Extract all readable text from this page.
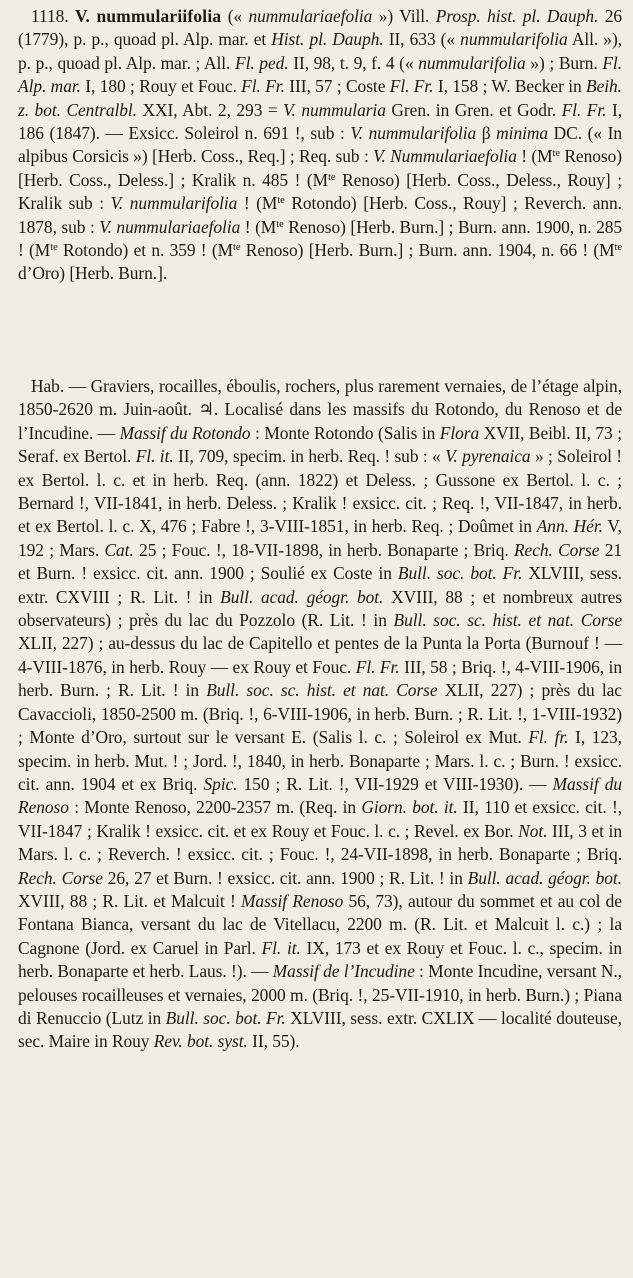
1118. V. nummulariifolia (« nummulariaefolia ») Vill. Prosp. hist. pl. Dauph. 26 (1779), p. p., quoad pl. Alp. mar. et Hist. pl. Dauph. II, 633 (« nummularifolia All. »), p. p., quoad pl. Alp. mar. ; All. Fl. ped. II, 98, t. 9, f. 4 (« nummularifolia ») ; Burn. Fl. Alp. mar. I, 180 ; Rouy et Fouc. Fl. Fr. III, 57 ; Coste Fl. Fr. I, 158 ; W. Becker in Beih. z. bot. Centralbl. XXI, Abt. 2, 293 = V. nummularia Gren. in Gren. et Godr. Fl. Fr. I, 186 (1847). — Exsicc. Soleirol n. 691 !, sub : V. nummularifolia β minima DC. (« In alpibus Corsicis ») [Herb. Coss., Req.] ; Req. sub : V. Nummulariaefolia ! ($M^{te}$ Renoso) [Herb. Coss., Deless.] ; Kralik n. 485 ! ($M^{te}$ Renoso) [Herb. Coss., Deless., Rouy] ; Kralik sub : V. nummularifolia ! ($M^{te}$ Rotondo) [Herb. Coss., Rouy] ; Reverch. ann. 1878, sub : V. nummulariaefolia ! ($M^{te}$ Renoso) [Herb. Burn.] ; Burn. ann. 1900, n. 285 ! ($M^{te}$ Rotondo) et n. 359 ! ($M^{te}$ Renoso) [Herb. Burn.] ; Burn. ann. 1904, n. 66 ! ($M^{te}$ d’Oro) [Herb. Burn.].

Hab. — Graviers, rocailles, éboulis, rochers, plus rarement vernaies, de l’étage alpin, 1850-2620 m. Juin-août. ♃. Localisé dans les massifs du Rotondo, du Renoso et de l’Incudine. — Massif du Rotondo : Monte Rotondo (Salis in Flora XVII, Beibl. II, 73 ; Seraf. ex Bertol. Fl. it. II, 709, specim. in herb. Req. ! sub : « V. pyrenaica » ; Soleirol ! ex Bertol. l. c. et in herb. Req. (ann. 1822) et Deless. ; Gussone ex Bertol. l. c. ; Bernard !, VII-1841, in herb. Deless. ; Kralik ! exsicc. cit. ; Req. !, VII-1847, in herb. et ex Bertol. l. c. X, 476 ; Fabre !, 3-VIII-1851, in herb. Req. ; Doûmet in Ann. Hér. V, 192 ; Mars. Cat. 25 ; Fouc. !, 18-VII-1898, in herb. Bonaparte ; Briq. Rech. Corse 21 et Burn. ! exsicc. cit. ann. 1900 ; Soulié ex Coste in Bull. soc. bot. Fr. XLVIII, sess. extr. CXVIII ; R. Lit. ! in Bull. acad. géogr. bot. XVIII, 88 ; et nombreux autres observateurs) ; près du lac du Pozzolo (R. Lit. ! in Bull. soc. sc. hist. et nat. Corse XLII, 227) ; au-dessus du lac de Capitello et pentes de la Punta la Porta (Burnouf ! — 4-VIII-1876, in herb. Rouy — ex Rouy et Fouc. Fl. Fr. III, 58 ; Briq. !, 4-VIII-1906, in herb. Burn. ; R. Lit. ! in Bull. soc. sc. hist. et nat. Corse XLII, 227) ; près du lac Cavaccioli, 1850-2500 m. (Briq. !, 6-VIII-1906, in herb. Burn. ; R. Lit. !, 1-VIII-1932) ; Monte d’Oro, surtout sur le versant E. (Salis l. c. ; Soleirol ex Mut. Fl. fr. I, 123, specim. in herb. Mut. ! ; Jord. !, 1840, in herb. Bonaparte ; Mars. l. c. ; Burn. ! exsicc. cit. ann. 1904 et ex Briq. Spic. 150 ; R. Lit. !, VII-1929 et VIII-1930). — Massif du Renoso : Monte Renoso, 2200-2357 m. (Req. in Giorn. bot. it. II, 110 et exsicc. cit. !, VII-1847 ; Kralik ! exsicc. cit. et ex Rouy et Fouc. l. c. ; Revel. ex Bor. Not. III, 3 et in Mars. l. c. ; Reverch. ! exsicc. cit. ; Fouc. !, 24-VII-1898, in herb. Bonaparte ; Briq. Rech. Corse 26, 27 et Burn. ! exsicc. cit. ann. 1900 ; R. Lit. ! in Bull. acad. géogr. bot. XVIII, 88 ; R. Lit. et Malcuit ! Massif Renoso 56, 73), autour du sommet et au col de Fontana Bianca, versant du lac de Vitellacu, 2200 m. (R. Lit. et Malcuit l. c.) ; la Cagnone (Jord. ex Caruel in Parl. Fl. it. IX, 173 et ex Rouy et Fouc. l. c., specim. in herb. Bonaparte et herb. Laus. !). — Massif de l’Incudine : Monte Incudine, versant N., pelouses rocailleuses et vernaies, 2000 m. (Briq. !, 25-VII-1910, in herb. Burn.) ; Piana di Renuccio (Lutz in Bull. soc. bot. Fr. XLVIII, sess. extr. CXLIX — localité douteuse, sec. Maire in Rouy Rev. bot. syst. II, 55).
